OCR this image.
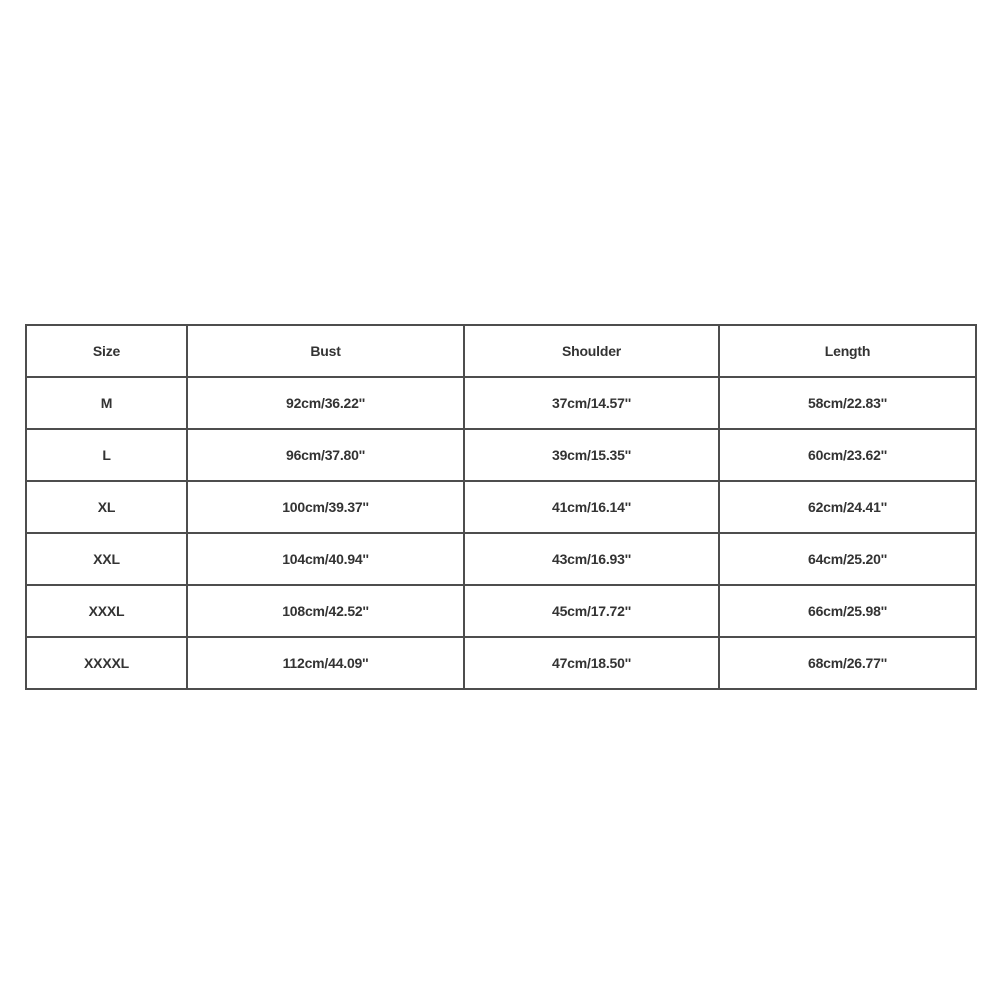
Size	Bust	Shoulder	Length
M	92cm/36.22''	37cm/14.57''	58cm/22.83''
L	96cm/37.80''	39cm/15.35''	60cm/23.62''
XL	100cm/39.37''	41cm/16.14''	62cm/24.41''
XXL	104cm/40.94''	43cm/16.93''	64cm/25.20''
XXXL	108cm/42.52''	45cm/17.72''	66cm/25.98''
XXXXL	112cm/44.09''	47cm/18.50''	68cm/26.77''
